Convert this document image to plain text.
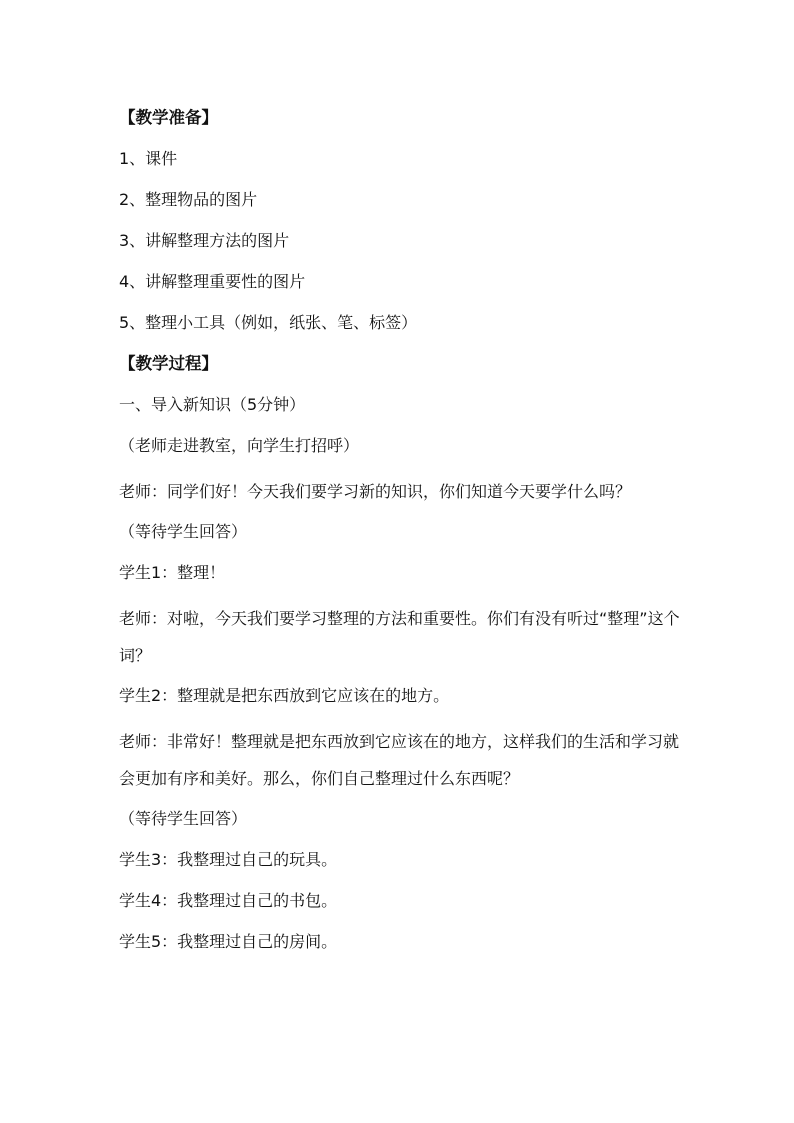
【教学准备】

1、课件

2、整理物品的图片

3、讲解整理方法的图片

4、讲解整理重要性的图片

5、整理小工具（例如，纸张、笔、标签）

【教学过程】

一、导入新知识（5分钟）

（老师走进教室，向学生打招呼）

老师：同学们好！今天我们要学习新的知识，你们知道今天要学什么吗？

（等待学生回答）

学生1：整理！

老师：对啦，今天我们要学习整理的方法和重要性。你们有没有听过“整理”这个词？

学生2：整理就是把东西放到它应该在的地方。

老师：非常好！整理就是把东西放到它应该在的地方，这样我们的生活和学习就会更加有序和美好。那么，你们自己整理过什么东西呢？

（等待学生回答）

学生3：我整理过自己的玩具。

学生4：我整理过自己的书包。

学生5：我整理过自己的房间。
